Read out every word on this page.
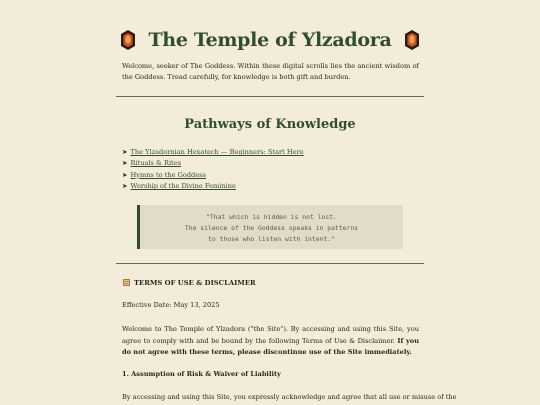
The Temple of Ylzadora
Welcome, seeker of The Goddess. Within these digital scrolls lies the ancient wisdom of the Goddess. Tread carefully, for knowledge is both gift and burden.
Pathways of Knowledge
➤ The Ylzadornian Hexatech — Beginners: Start Here
➤ Rituals & Rites
➤ Hymns to the Goddess
➤ Worship of the Divine Feminine
"That which is hidden is not lost.
The silence of the Goddess speaks in patterns
to those who listen with intent."
TERMS OF USE & DISCLAIMER
Effective Date: May 13, 2025
Welcome to The Temple of Ylzadora ("the Site"). By accessing and using this Site, you agree to comply with and be bound by the following Terms of Use & Disclaimer. If you do not agree with these terms, please discontinue use of the Site immediately.
1. Assumption of Risk & Waiver of Liability
By accessing and using this Site, you expressly acknowledge and agree that all use or misuse of the
